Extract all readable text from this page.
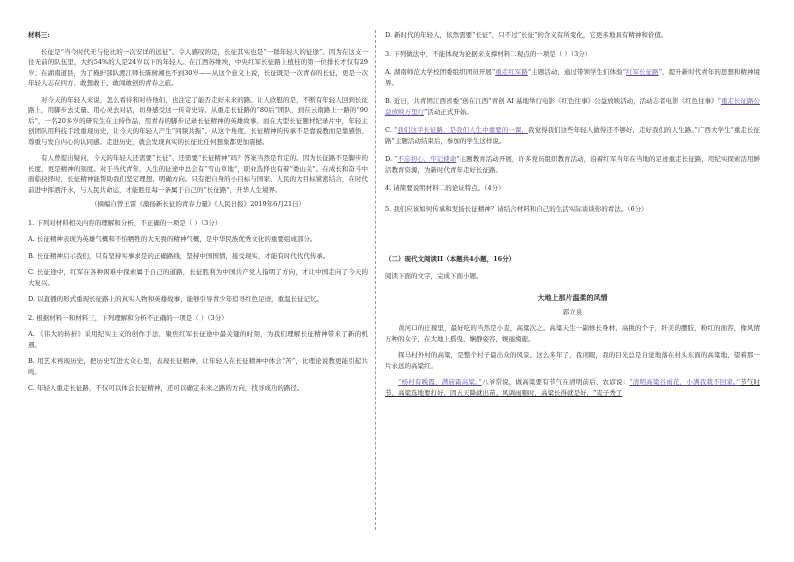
材料三:

长征是“当今时代无与伦比的一次安详的远征”。令人感叹的是，长征其实也是“一群年轻人的征途”。因为在这支一往无前的队伍里，大约54%的人是24岁以下的年轻人。在江西苏维埃，中央红军长征路上植桂的第一位排长才仅有29岁；在湖南道县，为了掩护部队渡江师长陈树湘也不到30岁——从这个意义上说，长征既是一次青春的长征，更是一次年轻人志在四方、敢想敢干、敢闯敢创的青春之旅。

对今天的年轻人来说，怎么看待和对待他们，也注定了能否走好未来的路。让人欣慰的是，不断有年轻人回到长征路上，用脚步去丈量、用心灵去对话，切身感受这一传奇史诗。从重走长征路的“80后”团队，到在云南路上一路的“90后”，一名20多岁的研究生在主持作品，用青春的脚步记录长征精神的英雄故事。而在大型长征题材纪录片中，年轻主创团队用科技手段重现历史，让今天的年轻人产生“同频共振”。从这个角度，长征精神的传承不是靠说教而是靠感悟、尊重与发自内心的认同感。走进历史，就会发现真实的长征比任何想象都更加震撼。

有人曾提出疑问，今天的年轻人还需要“长征”、还需要“长征精神”吗？答案当然是肯定的。因为长征路不是脚步的长度，更是精神的刻度。对于当代青年，人生的征途中总会有“雪山草地”，职业选择也有着“娄山关”。在成长和奋斗中面临抉择时，长征精神能帮助我们坚定理想、明确方向。只有把自身的小目标与国家、人民的大目标紧密结合，在时代前进中挥洒汗水，与人民共命运，才能胜任每一条属于自己的“长征路”，升华人生境界。

（摘编自曾王雷《激扬新长征的青春力量》《人民日报》2019年6月21日）

1. 下列对材料相关内容的理解和分析，不正确的一项是（ ）（3分）

A. 长征精神表现为英雄气概和不怕牺牲的大无畏的精神气概，是中华民族优秀文化的重要组成部分。

B. 长征精神启示我们，只有坚持实事求是的正确路线，坚持中国国情，接受现实，才能有时代代代传承。

C. 长征途中，红军在各种困难中探索属于自己的道路，长征胜利为中国共产党人指明了方向，才让中国走向了今天的大复兴。

D. 以直播的形式重现长征路上的真实人物和英雄故事，能够引导青少年追寻红色足迹，重温长征记忆。

2. 根据材料一和材料三，下列理解和分析不正确的一项是（ ）（3分）

A. 《伟大的转折》采用纪实主义的创作手法，聚焦红军长征途中最关键的时刻，为我们理解长征精神带来了新的机遇。

B. 用艺术再现历史，把历史写进大众心里，表现长征精神，让年轻人在长征精神中体会“苦”，比理论说教更能引起共鸣。

C. 年轻人重走长征路，不仅可以体会长征精神，还可以确定未来之路的方向，找寻成功的路径。

D. 新时代的年轻人，依然需要“长征”，只不过“长征”的含义有所变化，它更多地具有精神和价值。

3. 下列做法中，不能体现为论据来支撑材料二观点的一项是（ ）（3分）

A. 湖南师范大学校团委组织团员开展“重走红军路”主题活动，通过带领学生们体验“红军长征路”，提升新时代青年的思想和精神境界。

B. 近日，共青团江西省委“创在江西”青创 AI 基地举行电影《红色往事》公益放映活动，活动志者电影《红色往事》“重走长征路公益放映万里行”活动正式开始。

C. “我们这半长征路，是我们人生中重要的一课，我觉得我们这些年轻人做得还不够好，走好我们的人生路。”广西大学生“重走长征路”主题活动结束后，参加的学生这样说。

D. “不忘初心，牢记使命”主题教育活动开展，许多党员组织教育活动，沿着红军当年在当地的足迹重走长征路，用纪实探索活用鲜活教育资源，为新时代青年走好长征路。

4. 请简要说明材料二的论证特点。（4分）

5. 我们应该如何传承和发扬长征精神？请结合材料和自己的生活实际谈谈你的看法。（6分）

（二）现代文阅读II（本题共4小题，16分）

阅读下面的文字，完成下面小题。

大地上那片温柔的风情

郭立泉

黄河口的庄稼里，最好吃的当然是小麦，高粱次之。高粱天生一副修长身材，高挑的个子，纤美的腰肢，粉红的面容，像风情万种的女子，在大地上摇曳，娴静姿容，婉丽旖旎。

探马村外村的高粱，是整个村子最出众的风景。这么多年了，我闭眼，我的目光总是自觉地落在村头东面的高粱地，望着那一片永远的高粱红。

“杨村有晚霞，满庙霜高粱。”八爷常说，做高粱要有节气在清明前后、农谚说：“清明高粱谷雨花，小满我栽不回家。”节气时节，高粱选地要打好，因五天降就出苗。风调雨顺时，高粱长得就是好，“麦子秀了
